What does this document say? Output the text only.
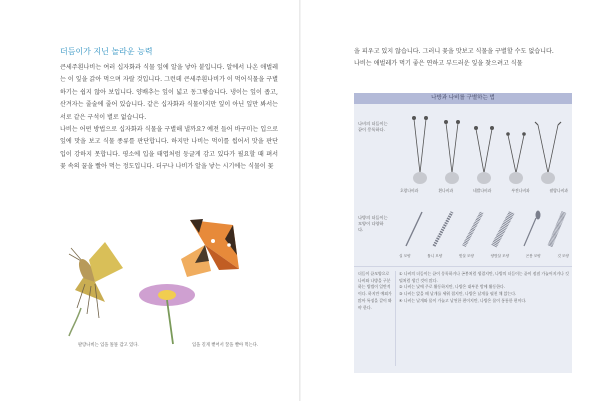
더듬이가 지닌 놀라운 능력

큰세주흰나비는 여러 십자화과 식물 잎에 알을 낳아 붙입니다. 알에서 나온 애벌레는 이 잎을 갉아 먹으며 자랄 것입니다. 그런데 큰세주흰나비가 이 먹어식물을 구별하기는 쉽지 않아 보입니다. 양배추는 잎이 넓고 동그랗습니다. 냉이는 잎이 좁고, 산겨자는 줄술에 줄어 있습니다. 같은 십자화과 식물이지만 잎이 아닌 잎만 봐서는 서로 같은 구석이 별로 없습니다.

나비는 어떤 방법으로 십자화과 식물을 구별해 낼까요? 예전 들어 바구미는 입으로 잎에 맛을 보고 식물 종류를 판단합니다. 하지만 나비는 먹이를 씹어서 맛을 판단 입이 강하지 못합니다. 평소에 입을 태엽처럼 둥글게 감고 있다가 필요할 때 펴서 꽃 속의 꿀을 빨아 먹는 정도입니다. 더구나 나비가 알을 낳는 시기에는 식물이 꽃

팔랑나비는 입을 똘똘 감고 있다.	입을 길게 뻗어서 꿀을 빨아 먹는다.

을 피우고 있지 않습니다. 그러니 꽃을 맛보고 식물을 구별할 수도 없습니다.

나비는 애벌레가 먹기 좋은 연하고 부드러운 잎을 찾으려고 식물

나방과 나비를 구별하는 법
나비의 더듬이는 끝이 뭉툭하다.
호랑나비과	흰나비과	네발나비과	부전나비과	팔랑나비과
나방의 더듬이는 모양이 다양하다.
실 모양	톱니 모양	빗살 모양	양빗살 모양	곤봉 모양	깃 모양
더듬이 끝모양으로 나비와 나방을 구분하는 방법이 일반적이다. 하지만 예외가 많아 특징을 같이 봐야 한다.

① 나비의 더듬이는 끝이 뭉툭하거나 곤봉처럼 생겼지만, 나방의 더듬이는 끝이 점점 가늘어지거나 깃털처럼 생긴 것이 많다.

② 나비는 낮에 주로 활동하지만, 나방은 대부분 밤에 활동한다.

③ 나비는 앉을 때 날개를 세워 접지만, 나방은 날개를 펼친 채 앉는다.

④ 나비는 날개와 몸이 가늘고 날씬한 편이지만, 나방은 몸이 통통한 편이다.
